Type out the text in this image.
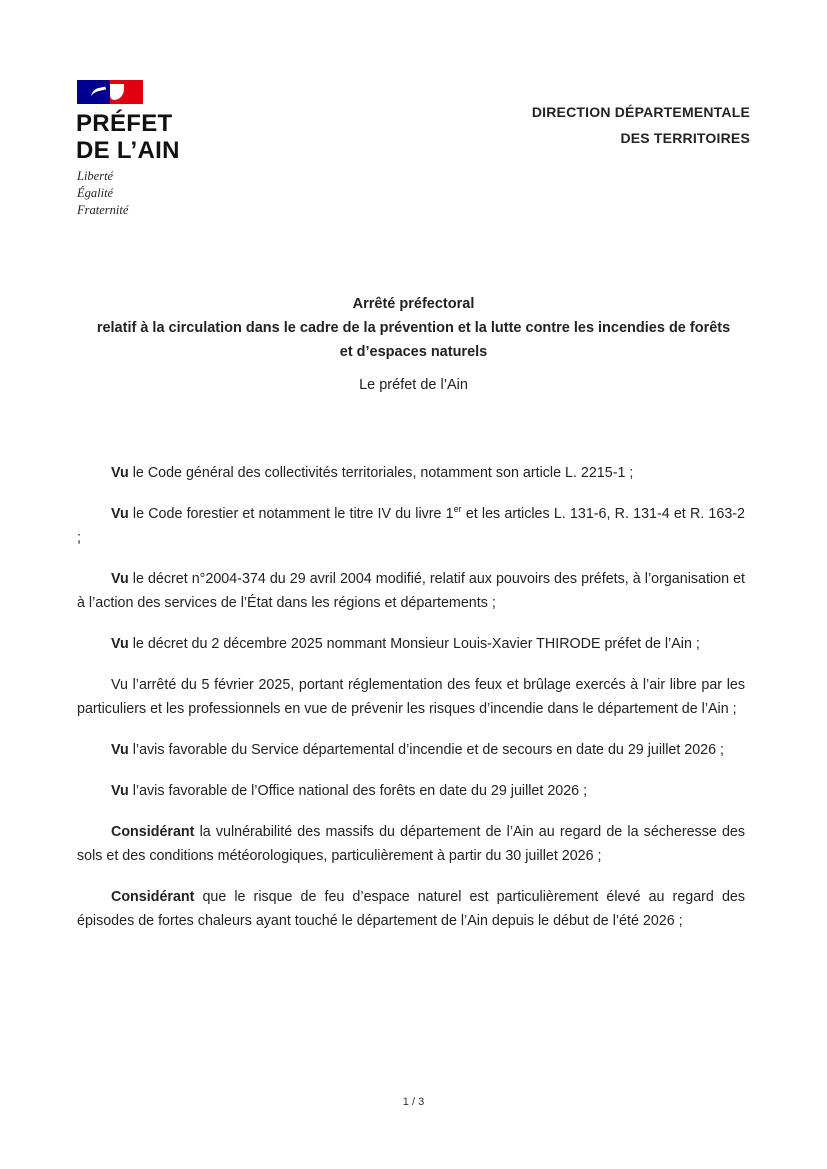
PRÉFET
DE L’AIN
Liberté
Égalité
Fraternité
DIRECTION DÉPARTEMENTALE
DES TERRITOIRES
Arrêté préfectoral
relatif à la circulation dans le cadre de la prévention et la lutte contre les incendies de forêts
et d’espaces naturels
Le préfet de l’Ain

Vu le Code général des collectivités territoriales, notamment son article L. 2215-1 ;

Vu le Code forestier et notamment le titre IV du livre 1er et les articles L. 131-6, R. 131-4 et R. 163-2 ;

Vu le décret n°2004-374 du 29 avril 2004 modifié, relatif aux pouvoirs des préfets, à l’organisation et à l’action des services de l’État dans les régions et départements ;

Vu le décret du 2 décembre 2025 nommant Monsieur Louis-Xavier THIRODE préfet de l’Ain ;

Vu l’arrêté du 5 février 2025, portant réglementation des feux et brûlage exercés à l’air libre par les particuliers et les professionnels en vue de prévenir les risques d’incendie dans le département de l’Ain ;

Vu l’avis favorable du Service départemental d’incendie et de secours en date du 29 juillet 2026 ;

Vu l’avis favorable de l’Office national des forêts en date du 29 juillet 2026 ;

Considérant la vulnérabilité des massifs du département de l’Ain au regard de la sécheresse des sols et des conditions météorologiques, particulièrement à partir du 30 juillet 2026 ;

Considérant que le risque de feu d’espace naturel est particulièrement élevé au regard des épisodes de fortes chaleurs ayant touché le département de l’Ain depuis le début de l’été 2026 ;

1 / 3
